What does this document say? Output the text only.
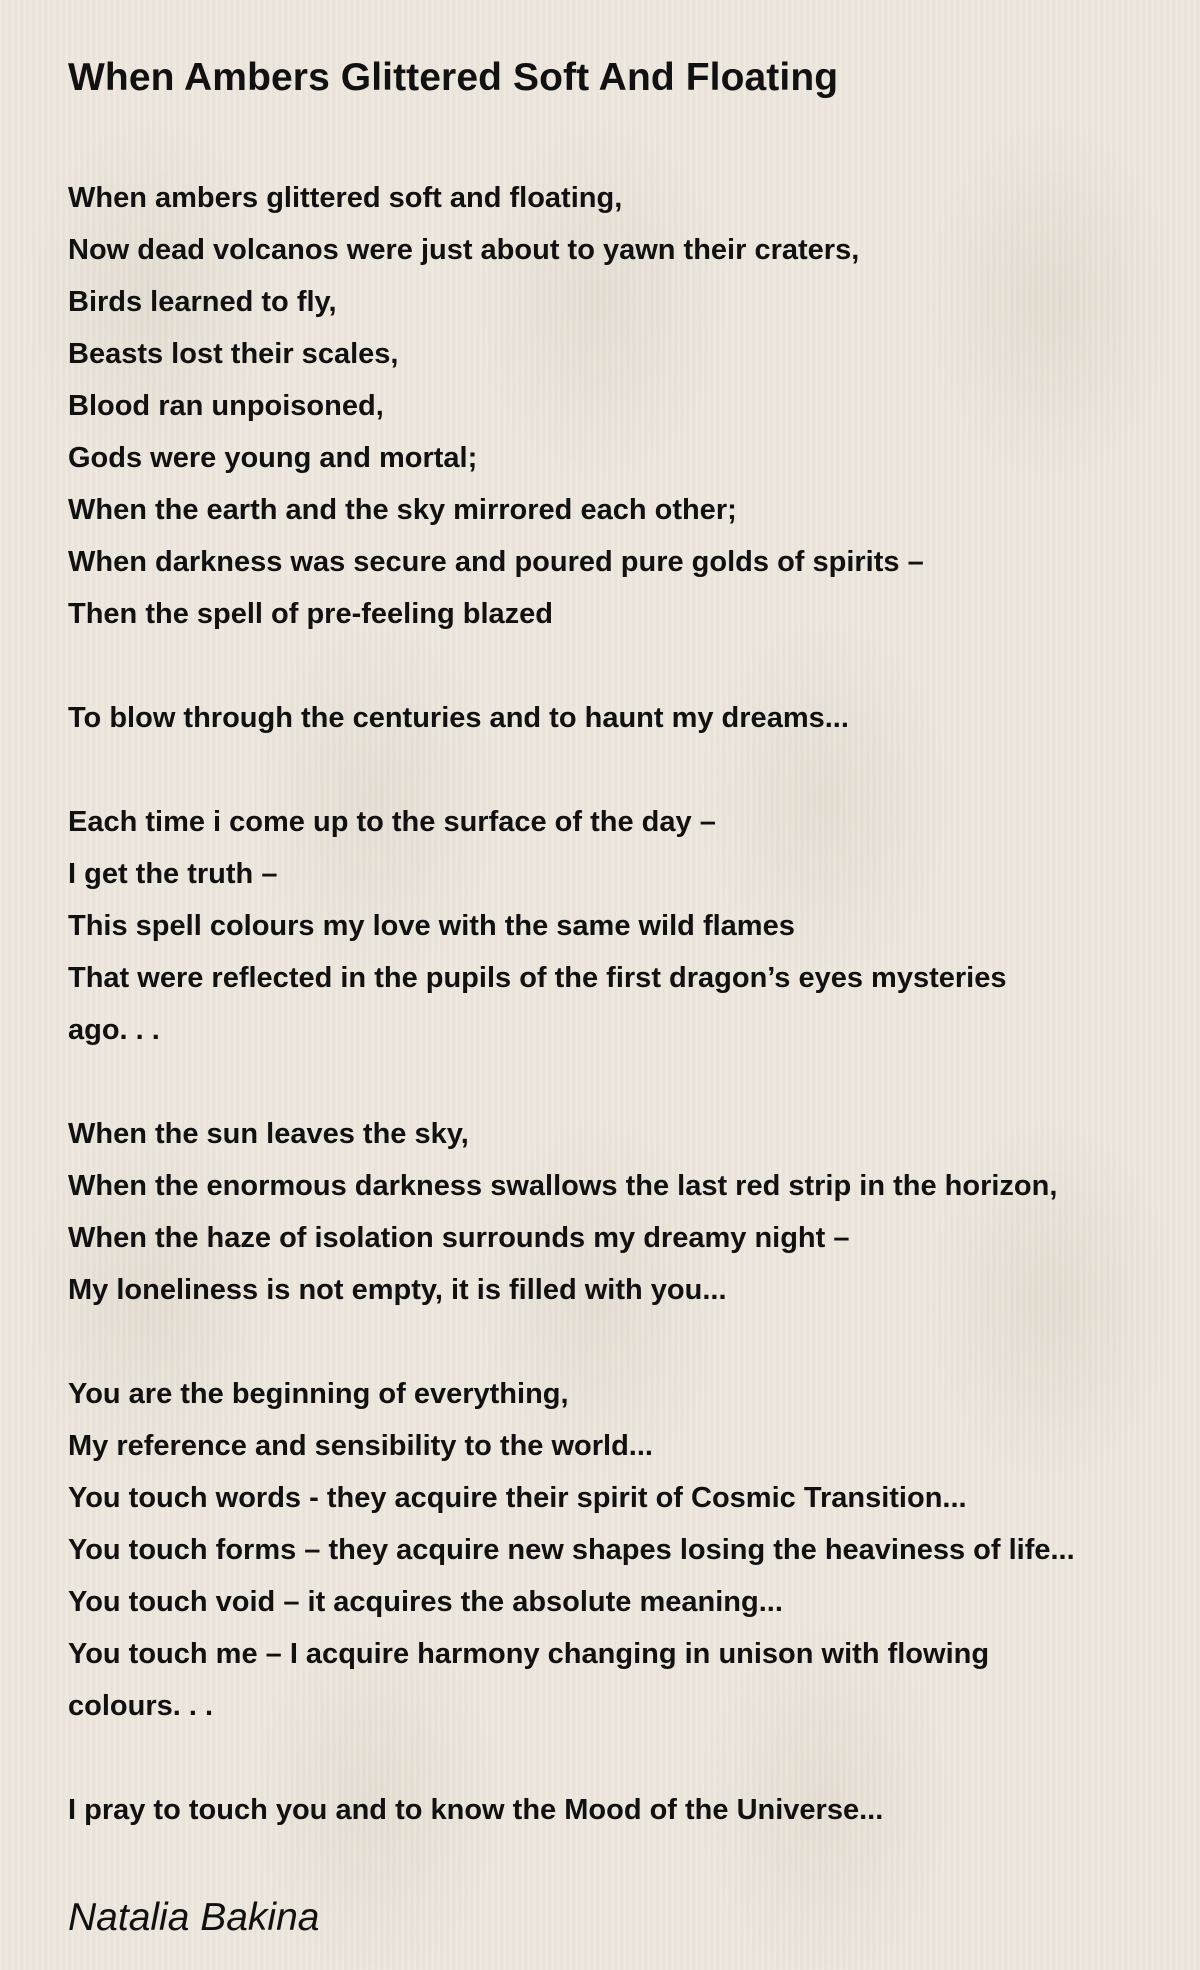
When Ambers Glittered Soft And Floating
When ambers glittered soft and floating,
Now dead volcanos were just about to yawn their craters,
Birds learned to fly,
Beasts lost their scales,
Blood ran unpoisoned,
Gods were young and mortal;
When the earth and the sky mirrored each other;
When darkness was secure and poured pure golds of spirits –
Then the spell of pre-feeling blazed
To blow through the centuries and to haunt my dreams...
Each time i come up to the surface of the day –
I get the truth –
This spell colours my love with the same wild flames
That were reflected in the pupils of the first dragon’s eyes mysteries
ago. . .
When the sun leaves the sky,
When the enormous darkness swallows the last red strip in the horizon,
When the haze of isolation surrounds my dreamy night –
My loneliness is not empty, it is filled with you...
You are the beginning of everything,
My reference and sensibility to the world...
You touch words - they acquire their spirit of Cosmic Transition...
You touch forms – they acquire new shapes losing the heaviness of life...
You touch void – it acquires the absolute meaning...
You touch me – I acquire harmony changing in unison with flowing
colours. . .
I pray to touch you and to know the Mood of the Universe...
Natalia Bakina
